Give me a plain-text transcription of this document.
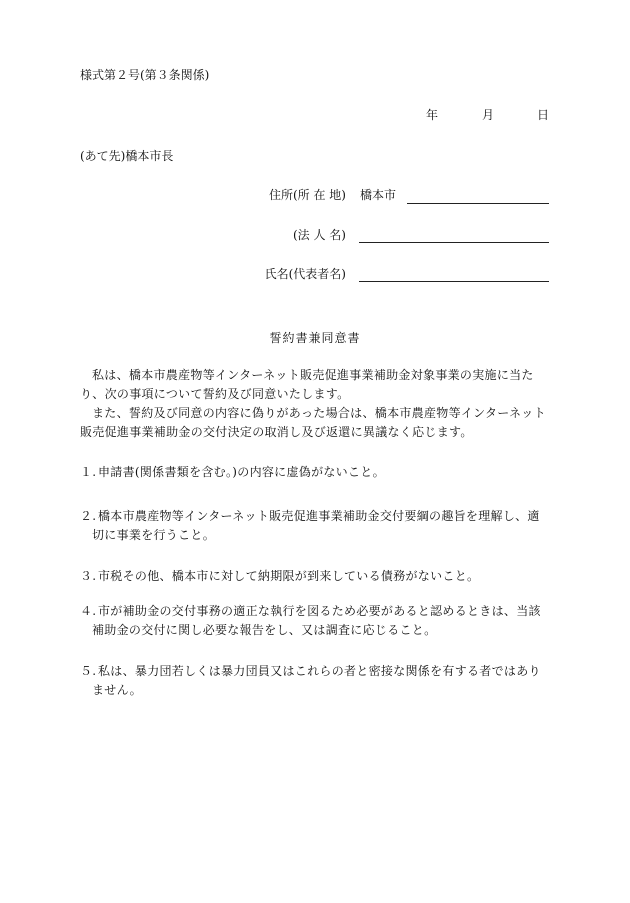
様式第２号(第３条関係)
年	月	日
(あて先)橋本市長
住所(所 在 地) 橋本市
(法 人 名)
氏名(代表者名)
誓約書兼同意書
私は、橋本市農産物等インターネット販売促進事業補助金対象事業の実施に当たり、次の事項について誓約及び同意いたします。
また、誓約及び同意の内容に偽りがあった場合は、橋本市農産物等インターネット販売促進事業補助金の交付決定の取消し及び返還に異議なく応じます。
１. 申請書(関係書類を含む。)の内容に虚偽がないこと。
２. 橋本市農産物等インターネット販売促進事業補助金交付要綱の趣旨を理解し、適切に事業を行うこと。
３. 市税その他、橋本市に対して納期限が到来している債務がないこと。
４. 市が補助金の交付事務の適正な執行を図るため必要があると認めるときは、当該補助金の交付に関し必要な報告をし、又は調査に応じること。
５. 私は、暴力団若しくは暴力団員又はこれらの者と密接な関係を有する者ではありません。
